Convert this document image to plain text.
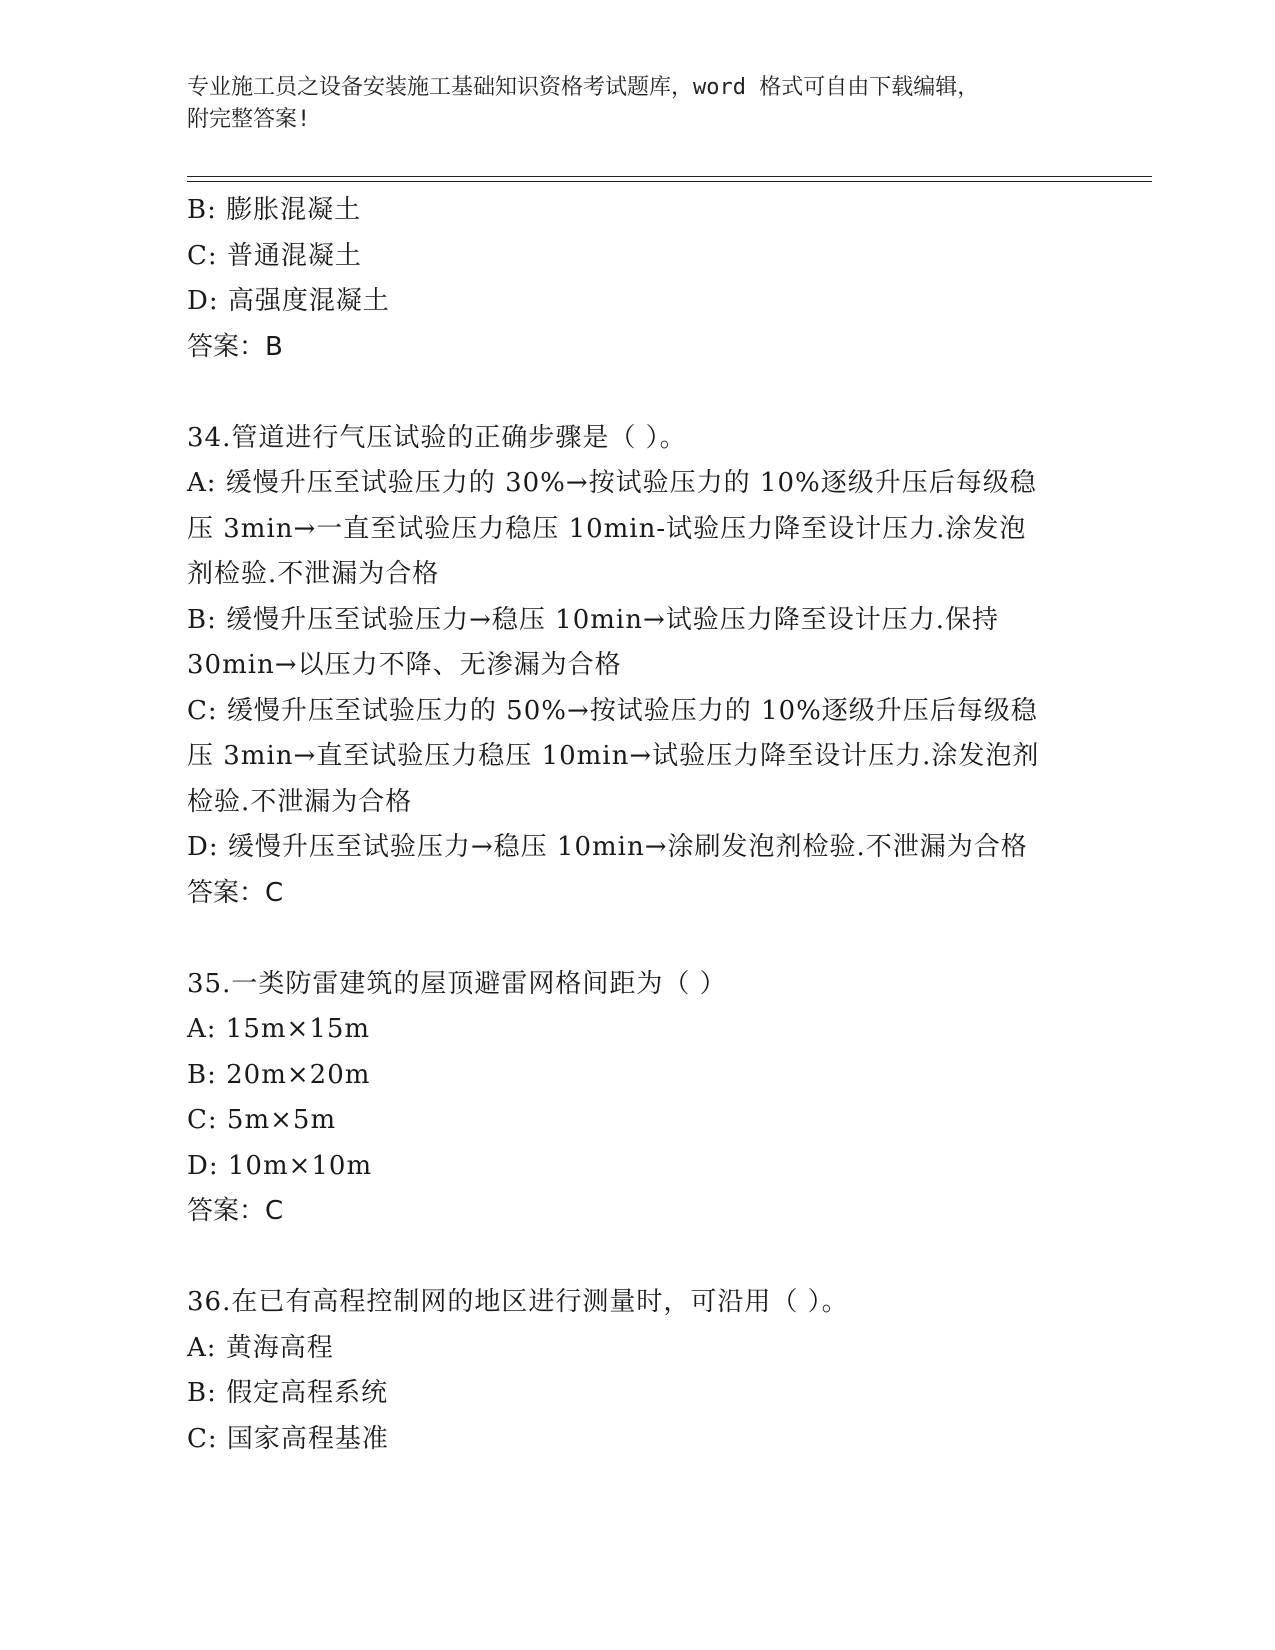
专业施工员之设备安装施工基础知识资格考试题库，word 格式可自由下载编辑，
附完整答案!
B: 膨胀混凝土
C: 普通混凝土
D: 高强度混凝土
答案：B
34.管道进行气压试验的正确步骤是（ ）。
A: 缓慢升压至试验压力的 30%→按试验压力的 10%逐级升压后每级稳
压 3min→一直至试验压力稳压 10min-试验压力降至设计压力.涂发泡
剂检验.不泄漏为合格
B: 缓慢升压至试验压力→稳压 10min→试验压力降至设计压力.保持
30min→以压力不降、无渗漏为合格
C: 缓慢升压至试验压力的 50%→按试验压力的 10%逐级升压后每级稳
压 3min→直至试验压力稳压 10min→试验压力降至设计压力.涂发泡剂
检验.不泄漏为合格
D: 缓慢升压至试验压力→稳压 10min→涂刷发泡剂检验.不泄漏为合格
答案：C
35.一类防雷建筑的屋顶避雷网格间距为（ ）
A: 15m×15m
B: 20m×20m
C: 5m×5m
D: 10m×10m
答案：C
36.在已有高程控制网的地区进行测量时，可沿用（ ）。
A: 黄海高程
B: 假定高程系统
C: 国家高程基准
